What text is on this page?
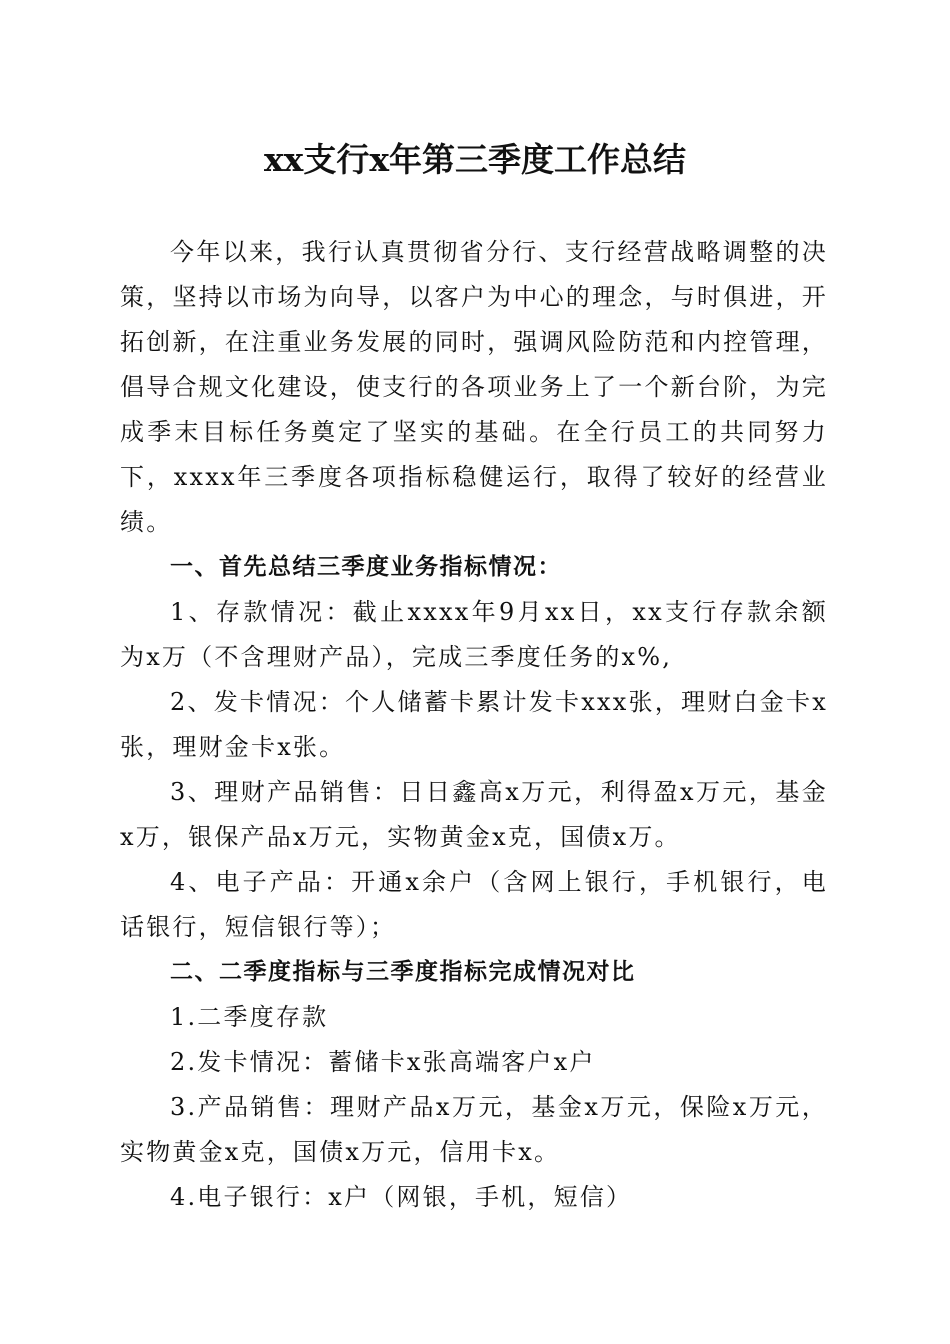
xx支行x年第三季度工作总结

今年以来，我行认真贯彻省分行、支行经营战略调整的决策，坚持以市场为向导，以客户为中心的理念，与时俱进，开拓创新，在注重业务发展的同时，强调风险防范和内控管理，倡导合规文化建设，使支行的各项业务上了一个新台阶，为完成季末目标任务奠定了坚实的基础。在全行员工的共同努力下，xxxx年三季度各项指标稳健运行，取得了较好的经营业绩。

一、首先总结三季度业务指标情况：

1、存款情况：截止xxxx年9月xx日，xx支行存款余额为x万（不含理财产品），完成三季度任务的x%,

2、发卡情况：个人储蓄卡累计发卡xxx张，理财白金卡x张，理财金卡x张。

3、理财产品销售：日日鑫高x万元，利得盈x万元，基金x万，银保产品x万元，实物黄金x克，国债x万。

4、电子产品：开通x余户（含网上银行，手机银行，电话银行，短信银行等）；

二、二季度指标与三季度指标完成情况对比

1.二季度存款

2.发卡情况：蓄储卡x张高端客户x户

3.产品销售：理财产品x万元，基金x万元，保险x万元，实物黄金x克，国债x万元，信用卡x。

4.电子银行：x户（网银，手机，短信）
